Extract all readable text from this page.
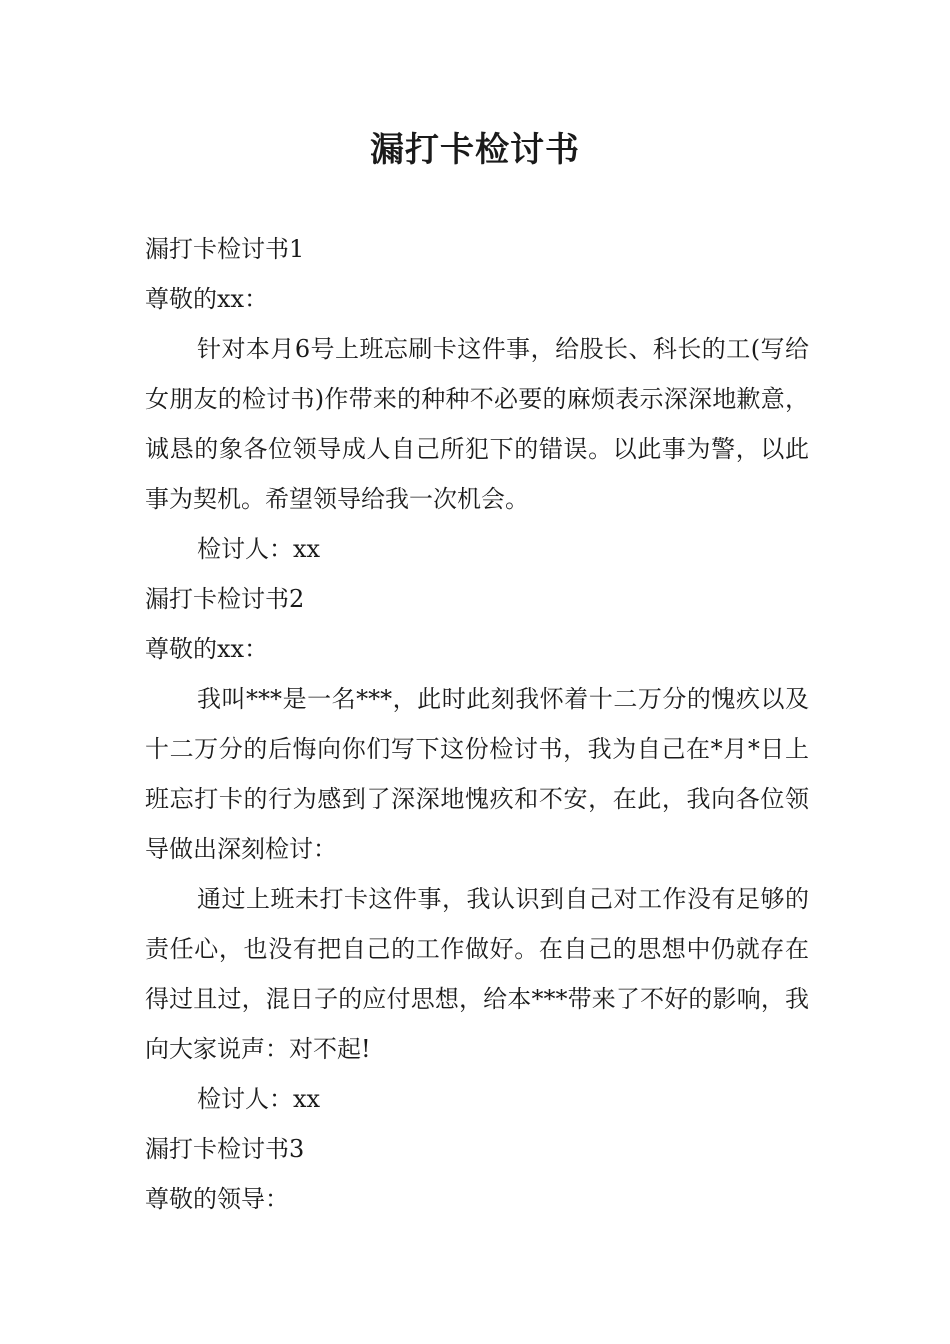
漏打卡检讨书

漏打卡检讨书1

尊敬的xx：

针对本月6号上班忘刷卡这件事，给股长、科长的工(写给女朋友的检讨书)作带来的种种不必要的麻烦表示深深地歉意，诚恳的象各位领导成人自己所犯下的错误。以此事为警，以此事为契机。希望领导给我一次机会。

检讨人：xx

漏打卡检讨书2

尊敬的xx：

我叫***是一名***，此时此刻我怀着十二万分的愧疚以及十二万分的后悔向你们写下这份检讨书，我为自己在*月*日上班忘打卡的行为感到了深深地愧疚和不安，在此，我向各位领导做出深刻检讨：

通过上班未打卡这件事，我认识到自己对工作没有足够的责任心，也没有把自己的工作做好。在自己的思想中仍就存在得过且过，混日子的应付思想，给本***带来了不好的影响，我向大家说声：对不起!

检讨人：xx

漏打卡检讨书3

尊敬的领导：
